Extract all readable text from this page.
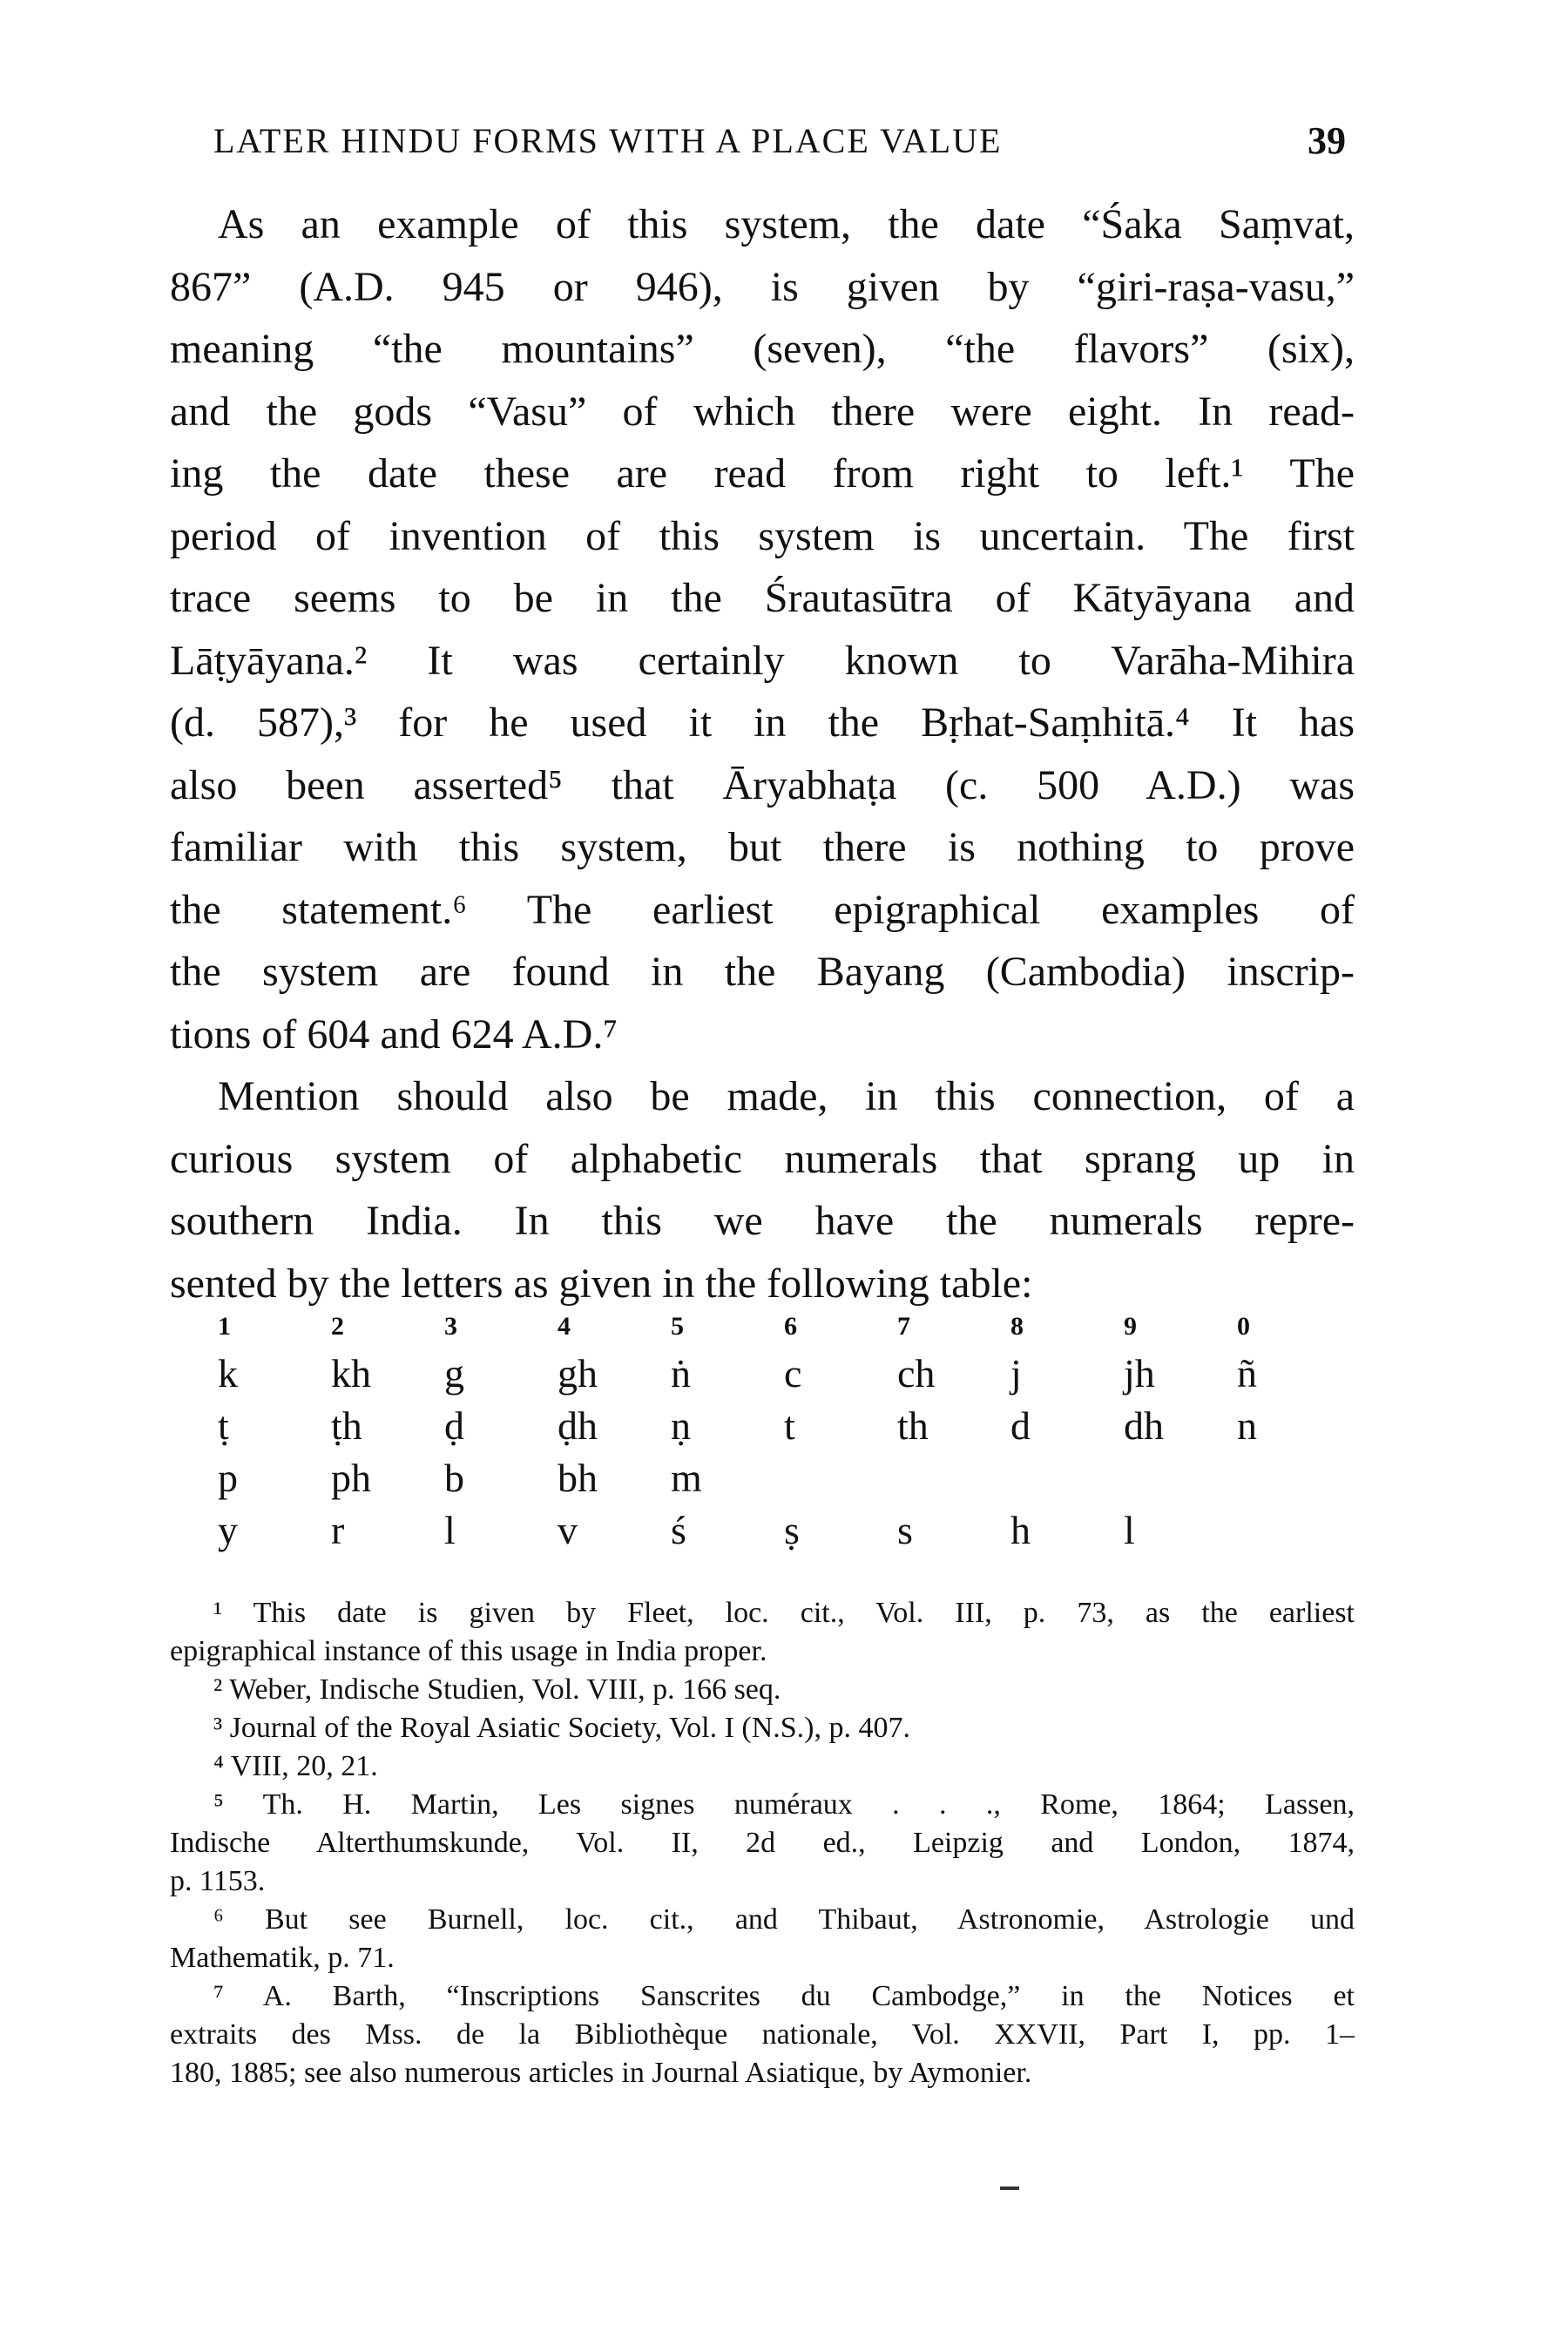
LATER HINDU FORMS WITH A PLACE VALUE	39
As an example of this system, the date “Śaka Saṃvat,
867” (A.D. 945 or 946), is given by “giri-raṣa-vasu,”
meaning “the mountains” (seven), “the flavors” (six),
and the gods “Vasu” of which there were eight. In read-
ing the date these are read from right to left.¹ The
period of invention of this system is uncertain. The first
trace seems to be in the Śrautasūtra of Kātyāyana and
Lāṭyāyana.² It was certainly known to Varāha-Mihira
(d. 587),³ for he used it in the Bṛhat-Saṃhitā.⁴ It has
also been asserted⁵ that Āryabhaṭa (c. 500 A.D.) was
familiar with this system, but there is nothing to prove
the statement.⁶ The earliest epigraphical examples of
the system are found in the Bayang (Cambodia) inscrip-
tions of 604 and 624 A.D.⁷
Mention should also be made, in this connection, of a
curious system of alphabetic numerals that sprang up in
southern India. In this we have the numerals repre-
sented by the letters as given in the following table:
1	2	3	4	5	6	7	8	9	0
k	kh	g	gh	ṅ	c	ch	j	jh	ñ
ṭ	ṭh	ḍ	ḍh	ṇ	t	th	d	dh	n
p	ph	b	bh	m					
y	r	l	v	ś	ṣ	s	h	l	
¹ This date is given by Fleet, loc. cit., Vol. III, p. 73, as the earliest
epigraphical instance of this usage in India proper.
² Weber, Indische Studien, Vol. VIII, p. 166 seq.
³ Journal of the Royal Asiatic Society, Vol. I (N.S.), p. 407.
⁴ VIII, 20, 21.
⁵ Th. H. Martin, Les signes numéraux . . ., Rome, 1864; Lassen,
Indische Alterthumskunde, Vol. II, 2d ed., Leipzig and London, 1874,
p. 1153.
⁶ But see Burnell, loc. cit., and Thibaut, Astronomie, Astrologie und
Mathematik, p. 71.
⁷ A. Barth, “Inscriptions Sanscrites du Cambodge,” in the Notices et
extraits des Mss. de la Bibliothèque nationale, Vol. XXVII, Part I, pp. 1–
180, 1885; see also numerous articles in Journal Asiatique, by Aymonier.
